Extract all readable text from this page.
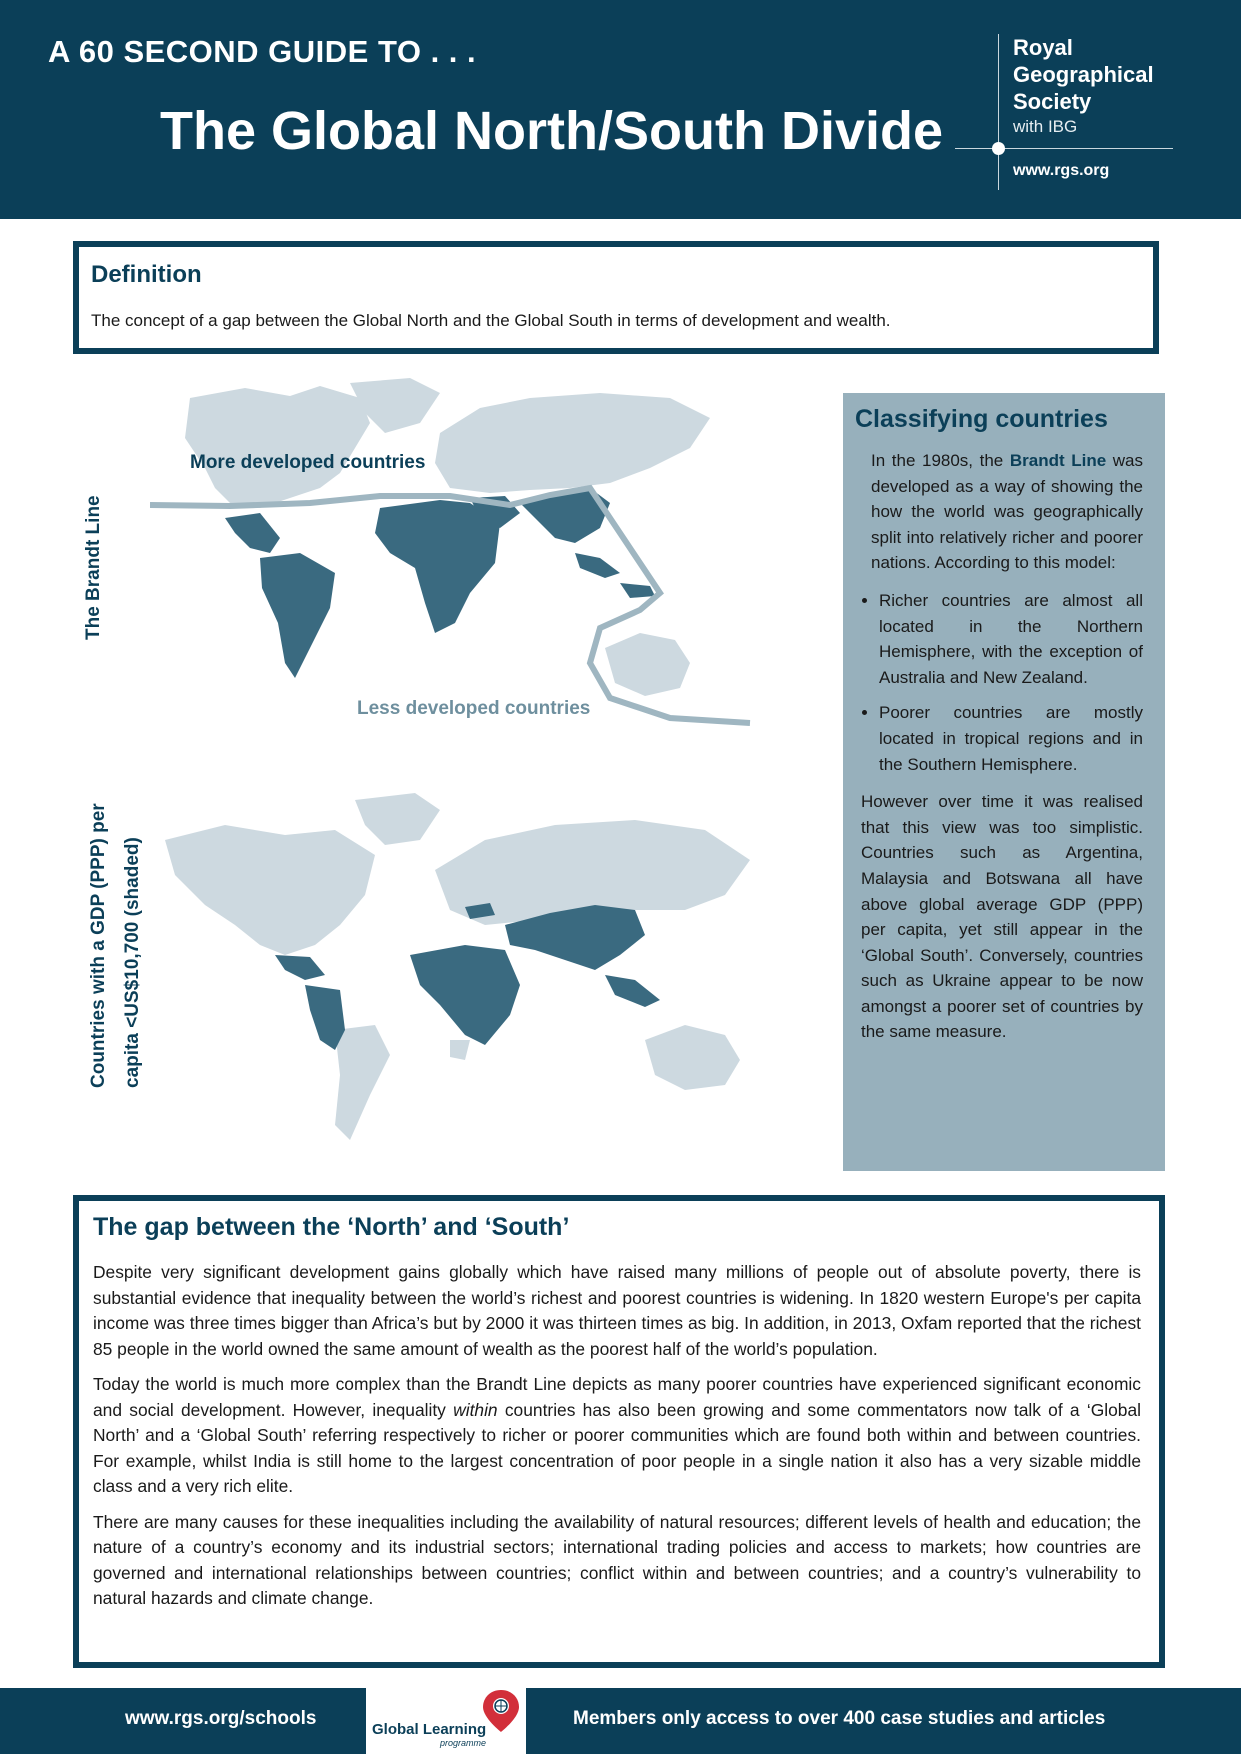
A 60 SECOND GUIDE TO . . .
The Global North/South Divide
Royal
Geographical
Society
with IBG
www.rgs.org
Definition
The concept of a gap between the Global North and the Global South in terms of development and wealth.
The Brandt Line
More developed countries
Less developed countries
Countries with a GDP (PPP) per capita <US$10,700 (shaded)
Classifying countries

In the 1980s, the Brandt Line was developed as a way of showing the how the world was geographically split into relatively richer and poorer nations. According to this model:

• Richer countries are almost all located in the Northern Hemisphere, with the exception of Australia and New Zealand.
• Poorer countries are mostly located in tropical regions and in the Southern Hemisphere.

However over time it was realised that this view was too simplistic. Countries such as Argentina, Malaysia and Botswana all have above global average GDP (PPP) per capita, yet still appear in the ‘Global South’. Conversely, countries such as Ukraine appear to be now amongst a poorer set of countries by the same measure.

The gap between the ‘North’ and ‘South’

Despite very significant development gains globally which have raised many millions of people out of absolute poverty, there is substantial evidence that inequality between the world’s richest and poorest countries is widening. In 1820 western Europe's per capita income was three times bigger than Africa’s but by 2000 it was thirteen times as big. In addition, in 2013, Oxfam reported that the richest 85 people in the world owned the same amount of wealth as the poorest half of the world’s population.

Today the world is much more complex than the Brandt Line depicts as many poorer countries have experienced significant economic and social development. However, inequality within countries has also been growing and some commentators now talk of a ‘Global North’ and a ‘Global South’ referring respectively to richer or poorer communities which are found both within and between countries. For example, whilst India is still home to the largest concentration of poor people in a single nation it also has a very sizable middle class and a very rich elite.

There are many causes for these inequalities including the availability of natural resources; different levels of health and education; the nature of a country’s economy and its industrial sectors; international trading policies and access to markets; how countries are governed and international relationships between countries; conflict within and between countries; and a country’s vulnerability to natural hazards and climate change.

www.rgs.org/schools
Global Learning
programme
Members only access to over 400 case studies and articles
